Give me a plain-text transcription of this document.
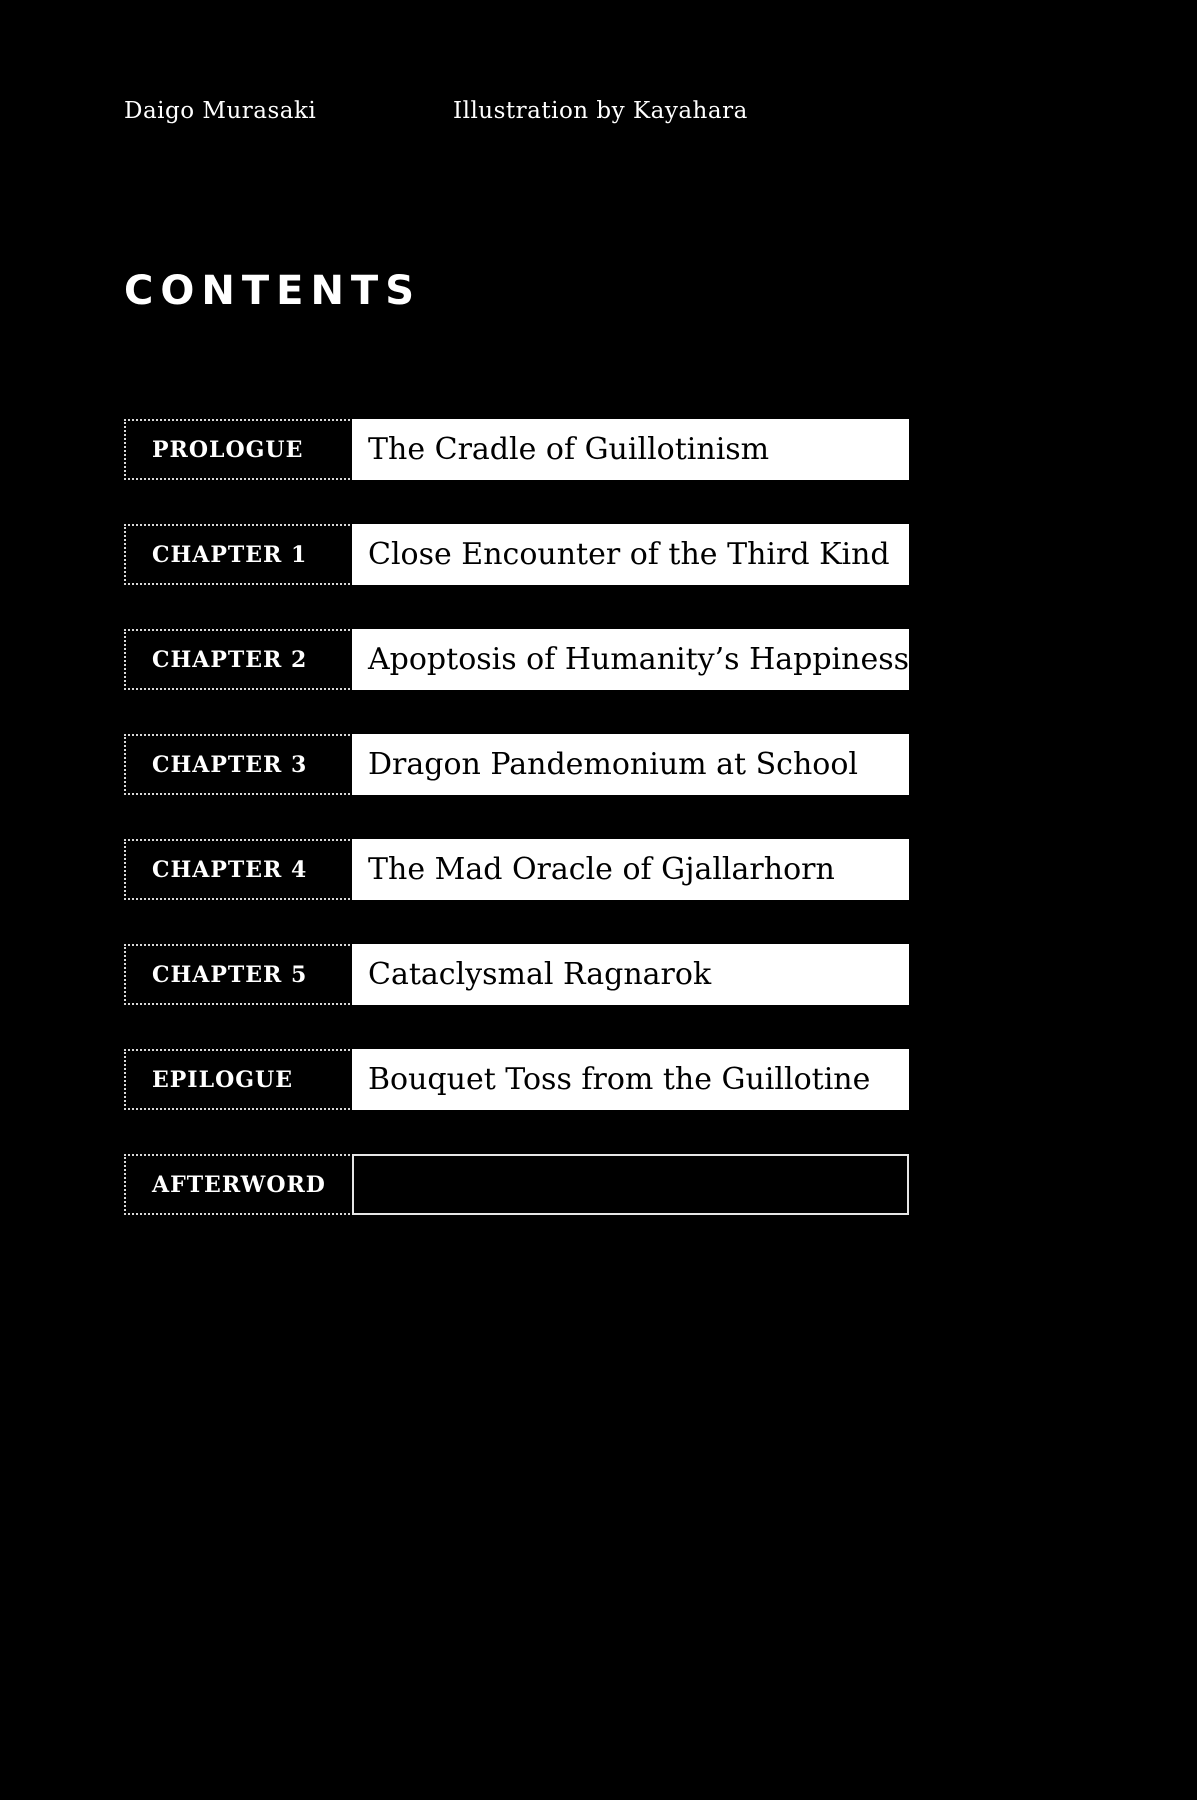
Daigo Murasaki	Illustration by Kayahara
CONTENTS
PROLOGUE	The Cradle of Guillotinism
CHAPTER 1	Close Encounter of the Third Kind
CHAPTER 2	Apoptosis of Humanity’s Happiness
CHAPTER 3	Dragon Pandemonium at School
CHAPTER 4	The Mad Oracle of Gjallarhorn
CHAPTER 5	Cataclysmal Ragnarok
EPILOGUE	Bouquet Toss from the Guillotine
AFTERWORD
